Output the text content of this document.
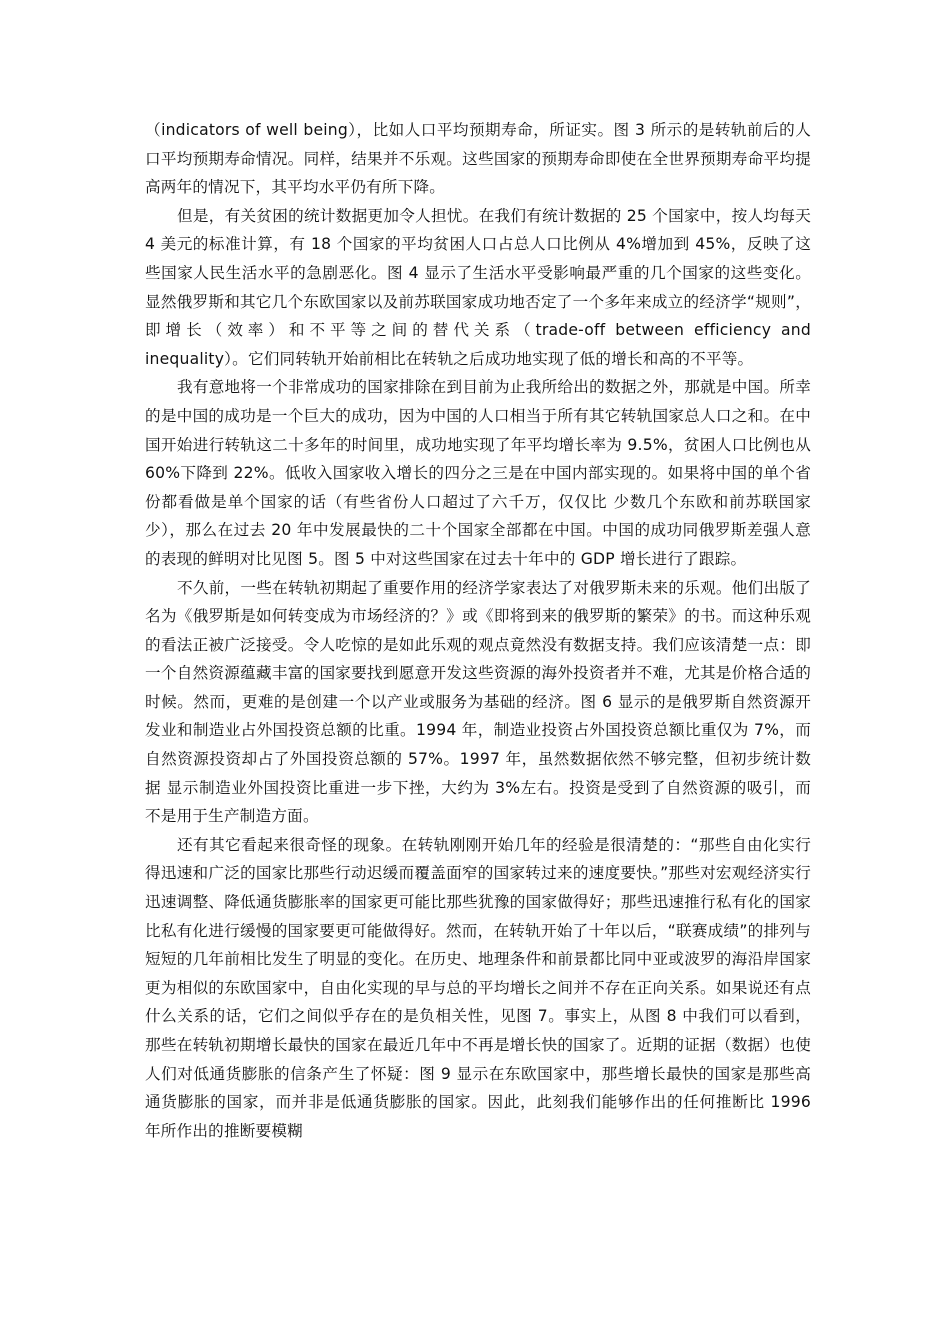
（indicators of well being），比如人口平均预期寿命，所证实。图 3 所示的是转轨前后的人口平均预期寿命情况。同样，结果并不乐观。这些国家的预期寿命即使在全世界预期寿命平均提高两年的情况下，其平均水平仍有所下降。

但是，有关贫困的统计数据更加令人担忧。在我们有统计数据的 25 个国家中，按人均每天 4 美元的标准计算，有 18 个国家的平均贫困人口占总人口比例从 4%增加到 45%，反映了这些国家人民生活水平的急剧恶化。图 4 显示了生活水平受影响最严重的几个国家的这些变化。显然俄罗斯和其它几个东欧国家以及前苏联国家成功地否定了一个多年来成立的经济学“规则”，即增长（效率）和不平等之间的替代关系（trade-off between efficiency and inequality）。它们同转轨开始前相比在转轨之后成功地实现了低的增长和高的不平等。

我有意地将一个非常成功的国家排除在到目前为止我所给出的数据之外，那就是中国。所幸的是中国的成功是一个巨大的成功，因为中国的人口相当于所有其它转轨国家总人口之和。在中国开始进行转轨这二十多年的时间里，成功地实现了年平均增长率为 9.5%，贫困人口比例也从 60%下降到 22%。低收入国家收入增长的四分之三是在中国内部实现的。如果将中国的单个省份都看做是单个国家的话（有些省份人口超过了六千万，仅仅比 少数几个东欧和前苏联国家少），那么在过去 20 年中发展最快的二十个国家全部都在中国。中国的成功同俄罗斯差强人意的表现的鲜明对比见图 5。图 5 中对这些国家在过去十年中的 GDP 增长进行了跟踪。

不久前，一些在转轨初期起了重要作用的经济学家表达了对俄罗斯未来的乐观。他们出版了名为《俄罗斯是如何转变成为市场经济的？》或《即将到来的俄罗斯的繁荣》的书。而这种乐观的看法正被广泛接受。令人吃惊的是如此乐观的观点竟然没有数据支持。我们应该清楚一点：即一个自然资源蕴藏丰富的国家要找到愿意开发这些资源的海外投资者并不难，尤其是价格合适的时候。然而，更难的是创建一个以产业或服务为基础的经济。图 6 显示的是俄罗斯自然资源开发业和制造业占外国投资总额的比重。1994 年，制造业投资占外国投资总额比重仅为 7%，而自然资源投资却占了外国投资总额的 57%。1997 年，虽然数据依然不够完整，但初步统计数据 显示制造业外国投资比重进一步下挫，大约为 3%左右。投资是受到了自然资源的吸引，而不是用于生产制造方面。

还有其它看起来很奇怪的现象。在转轨刚刚开始几年的经验是很清楚的：“那些自由化实行得迅速和广泛的国家比那些行动迟缓而覆盖面窄的国家转过来的速度要快。”那些对宏观经济实行迅速调整、降低通货膨胀率的国家更可能比那些犹豫的国家做得好；那些迅速推行私有化的国家比私有化进行缓慢的国家要更可能做得好。然而，在转轨开始了十年以后，“联赛成绩”的排列与短短的几年前相比发生了明显的变化。在历史、地理条件和前景都比同中亚或波罗的海沿岸国家更为相似的东欧国家中，自由化实现的早与总的平均增长之间并不存在正向关系。如果说还有点什么关系的话，它们之间似乎存在的是负相关性，见图 7。事实上，从图 8 中我们可以看到，那些在转轨初期增长最快的国家在最近几年中不再是增长快的国家了。近期的证据（数据）也使人们对低通货膨胀的信条产生了怀疑：图 9 显示在东欧国家中，那些增长最快的国家是那些高通货膨胀的国家，而并非是低通货膨胀的国家。因此，此刻我们能够作出的任何推断比 1996 年所作出的推断要模糊
